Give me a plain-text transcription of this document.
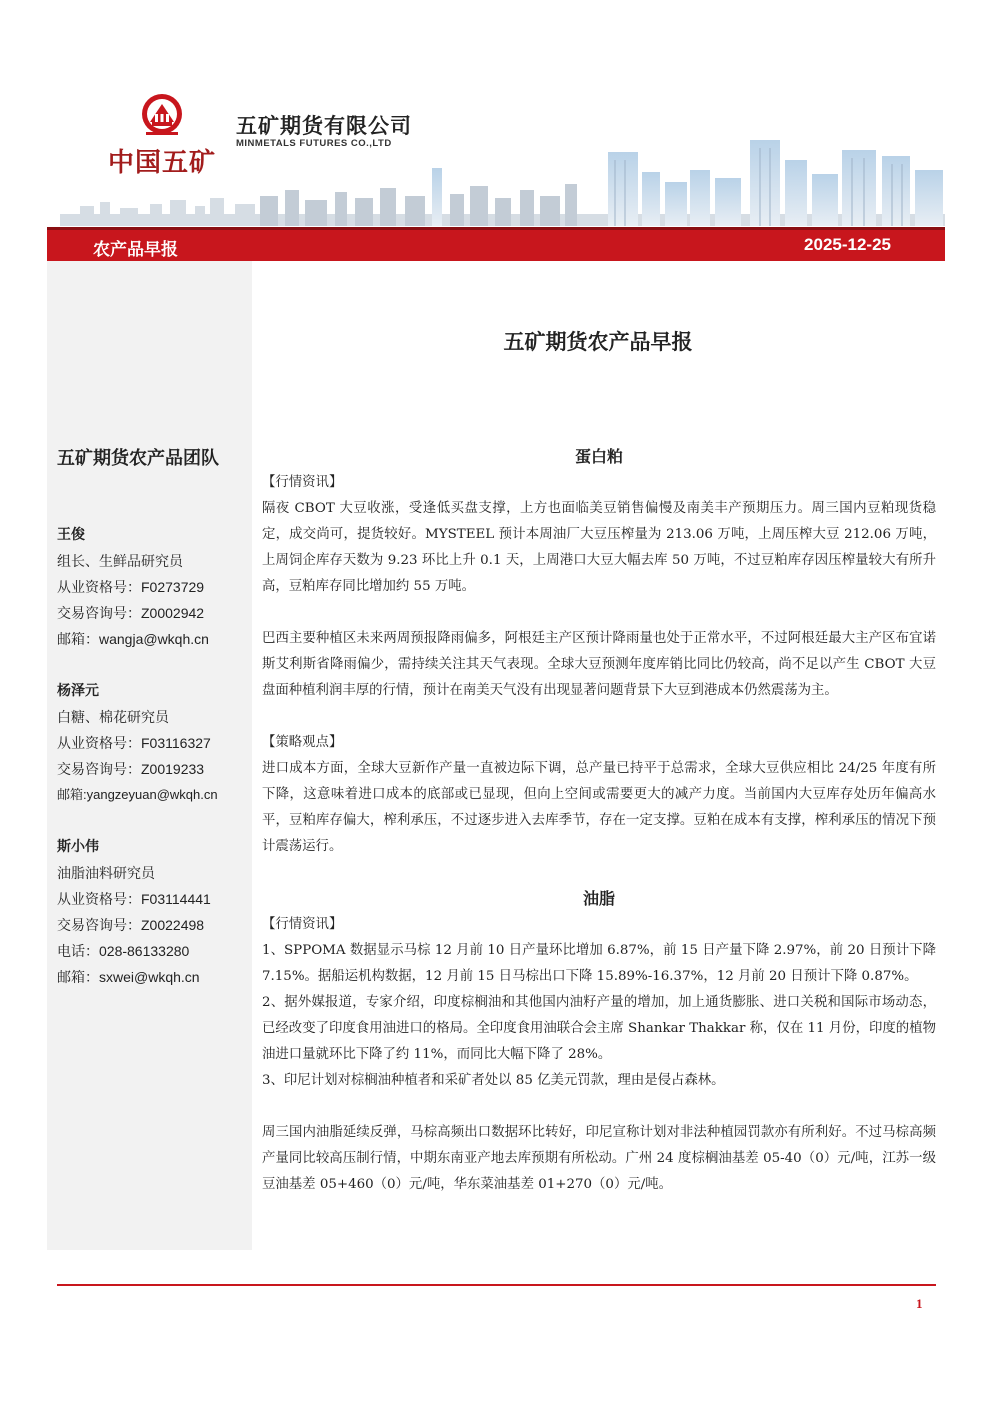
中国五矿
五矿期货有限公司
MINMETALS FUTURES CO.,LTD
农产品早报	2025-12-25
五矿期货农产品早报
五矿期货农产品团队
王俊
组长、生鲜品研究员
从业资格号：F0273729
交易咨询号：Z0002942
邮箱：wangja@wkqh.cn
杨泽元
白糖、棉花研究员
从业资格号：F03116327
交易咨询号：Z0019233
邮箱:yangzeyuan@wkqh.cn
斯小伟
油脂油料研究员
从业资格号：F03114441
交易咨询号：Z0022498
电话：028-86133280
邮箱：sxwei@wkqh.cn
蛋白粕
【行情资讯】

隔夜 CBOT 大豆收涨，受逢低买盘支撑，上方也面临美豆销售偏慢及南美丰产预期压力。周三国内豆粕现货稳定，成交尚可，提货较好。MYSTEEL 预计本周油厂大豆压榨量为 213.06 万吨，上周压榨大豆 212.06 万吨，上周饲企库存天数为 9.23 环比上升 0.1 天，上周港口大豆大幅去库 50 万吨，不过豆粕库存因压榨量较大有所升高，豆粕库存同比增加约 55 万吨。

巴西主要种植区未来两周预报降雨偏多，阿根廷主产区预计降雨量也处于正常水平，不过阿根廷最大主产区布宜诺斯艾利斯省降雨偏少，需持续关注其天气表现。全球大豆预测年度库销比同比仍较高，尚不足以产生 CBOT 大豆盘面种植利润丰厚的行情，预计在南美天气没有出现显著问题背景下大豆到港成本仍然震荡为主。

【策略观点】

进口成本方面，全球大豆新作产量一直被边际下调，总产量已持平于总需求，全球大豆供应相比 24/25 年度有所下降，这意味着进口成本的底部或已显现，但向上空间或需要更大的减产力度。当前国内大豆库存处历年偏高水平，豆粕库存偏大，榨利承压，不过逐步进入去库季节，存在一定支撑。豆粕在成本有支撑，榨利承压的情况下预计震荡运行。

油脂
【行情资讯】

1、SPPOMA 数据显示马棕 12 月前 10 日产量环比增加 6.87%，前 15 日产量下降 2.97%，前 20 日预计下降 7.15%。据船运机构数据，12 月前 15 日马棕出口下降 15.89%-16.37%，12 月前 20 日预计下降 0.87%。

2、据外媒报道，专家介绍，印度棕榈油和其他国内油籽产量的增加，加上通货膨胀、进口关税和国际市场动态，已经改变了印度食用油进口的格局。全印度食用油联合会主席 Shankar Thakkar 称，仅在 11 月份，印度的植物油进口量就环比下降了约 11%，而同比大幅下降了 28%。

3、印尼计划对棕榈油种植者和采矿者处以 85 亿美元罚款，理由是侵占森林。

周三国内油脂延续反弹，马棕高频出口数据环比转好，印尼宣称计划对非法种植园罚款亦有所利好。不过马棕高频产量同比较高压制行情，中期东南亚产地去库预期有所松动。广州 24 度棕榈油基差 05-40（0）元/吨，江苏一级豆油基差 05+460（0）元/吨，华东菜油基差 01+270（0）元/吨。

1
